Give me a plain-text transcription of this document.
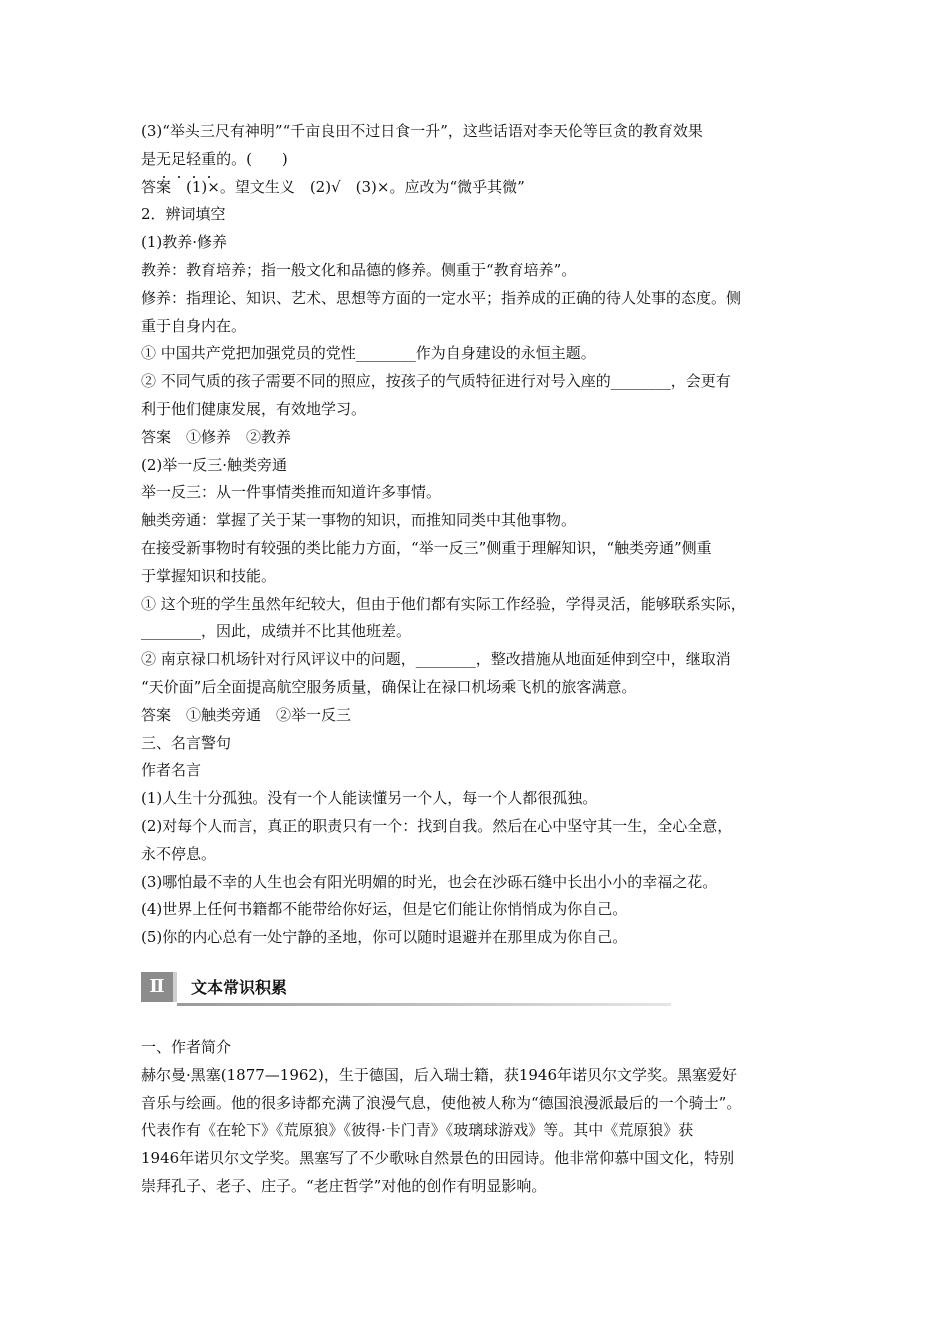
(3)“举头三尺有神明”“千亩良田不过日食一升”，这些话语对李天伦等巨贪的教育效果
是无足轻重的。(　　)
答案　(1)×。望文生义　(2)√　(3)×。应改为“微乎其微”
2．辨词填空
(1)教养·修养
教养：教育培养；指一般文化和品德的修养。侧重于“教育培养”。
修养：指理论、知识、艺术、思想等方面的一定水平；指养成的正确的待人处事的态度。侧
重于自身内在。
① 中国共产党把加强党员的党性________作为自身建设的永恒主题。
② 不同气质的孩子需要不同的照应，按孩子的气质特征进行对号入座的________，会更有
利于他们健康发展，有效地学习。
答案　①修养　②教养
(2)举一反三·触类旁通
举一反三：从一件事情类推而知道许多事情。
触类旁通：掌握了关于某一事物的知识，而推知同类中其他事物。
在接受新事物时有较强的类比能力方面，“举一反三”侧重于理解知识，“触类旁通”侧重
于掌握知识和技能。
① 这个班的学生虽然年纪较大，但由于他们都有实际工作经验，学得灵活，能够联系实际，
________，因此，成绩并不比其他班差。
② 南京禄口机场针对行风评议中的问题，________，整改措施从地面延伸到空中，继取消
“天价面”后全面提高航空服务质量，确保让在禄口机场乘飞机的旅客满意。
答案　①触类旁通　②举一反三
三、名言警句
作者名言
(1)人生十分孤独。没有一个人能读懂另一个人，每一个人都很孤独。
(2)对每个人而言，真正的职责只有一个：找到自我。然后在心中坚守其一生，全心全意，
永不停息。
(3)哪怕最不幸的人生也会有阳光明媚的时光，也会在沙砾石缝中长出小小的幸福之花。
(4)世界上任何书籍都不能带给你好运，但是它们能让你悄悄成为你自己。
(5)你的内心总有一处宁静的圣地，你可以随时退避并在那里成为你自己。
Ⅱ	文本常识积累
一、作者简介
赫尔曼·黑塞(1877—1962)，生于德国，后入瑞士籍，获1946年诺贝尔文学奖。黑塞爱好
音乐与绘画。他的很多诗都充满了浪漫气息，使他被人称为“德国浪漫派最后的一个骑士”。
代表作有《在轮下》《荒原狼》《彼得·卡门青》《玻璃球游戏》等。其中《荒原狼》获
1946年诺贝尔文学奖。黑塞写了不少歌咏自然景色的田园诗。他非常仰慕中国文化，特别
崇拜孔子、老子、庄子。“老庄哲学”对他的创作有明显影响。
